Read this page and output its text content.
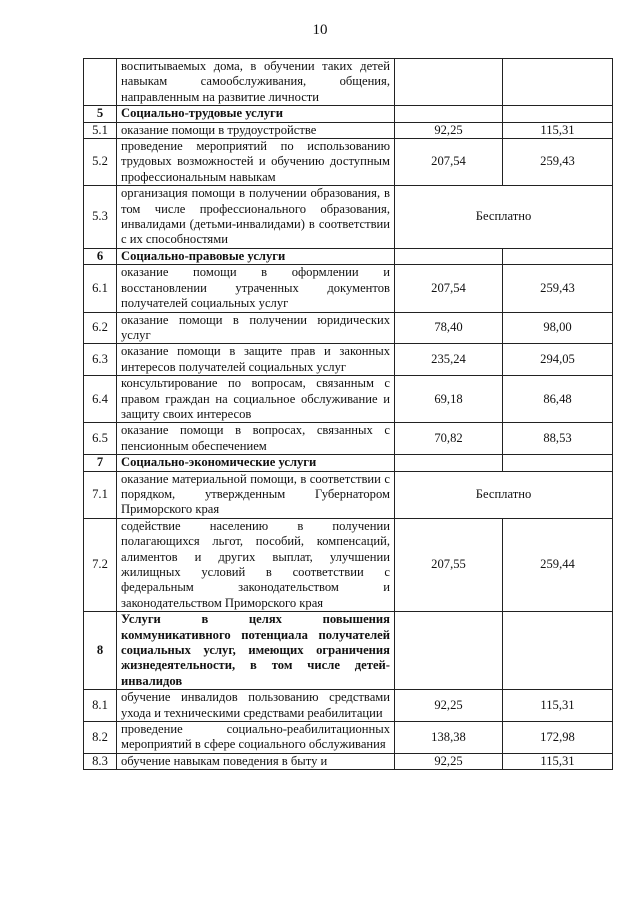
10
	воспитываемых дома, в обучении таких детей навыкам самообслуживания, общения, направленным на развитие личности		
5	Социально-трудовые услуги		
5.1	оказание помощи в трудоустройстве	92,25	115,31
5.2	проведение мероприятий по использованию трудовых возможностей и обучению доступным профессиональным навыкам	207,54	259,43
5.3	организация помощи в получении образования, в том числе профессионального образования, инвалидами (детьми-инвалидами) в соответствии с их способностями	Бесплатно	
6	Социально-правовые услуги		
6.1	оказание помощи в оформлении и восстановлении утраченных документов получателей социальных услуг	207,54	259,43
6.2	оказание помощи в получении юридических услуг	78,40	98,00
6.3	оказание помощи в защите прав и законных интересов получателей социальных услуг	235,24	294,05
6.4	консультирование по вопросам, связанным с правом граждан на социальное обслуживание и защиту своих интересов	69,18	86,48
6.5	оказание помощи в вопросах, связанных с пенсионным обеспечением	70,82	88,53
7	Социально-экономические услуги		
7.1	оказание материальной помощи, в соответствии с порядком, утвержденным Губернатором Приморского края	Бесплатно	
7.2	содействие населению в получении полагающихся льгот, пособий, компенсаций, алиментов и других выплат, улучшении жилищных условий в соответствии с федеральным законодательством и законодательством Приморского края	207,55	259,44
8	Услуги в целях повышения коммуникативного потенциала получателей социальных услуг, имеющих ограничения жизнедеятельности, в том числе детей-инвалидов		
8.1	обучение инвалидов пользованию средствами ухода и техническими средствами реабилитации	92,25	115,31
8.2	проведение социально-реабилитационных мероприятий в сфере социального обслуживания	138,38	172,98
8.3	обучение навыкам поведения в быту и	92,25	115,31
